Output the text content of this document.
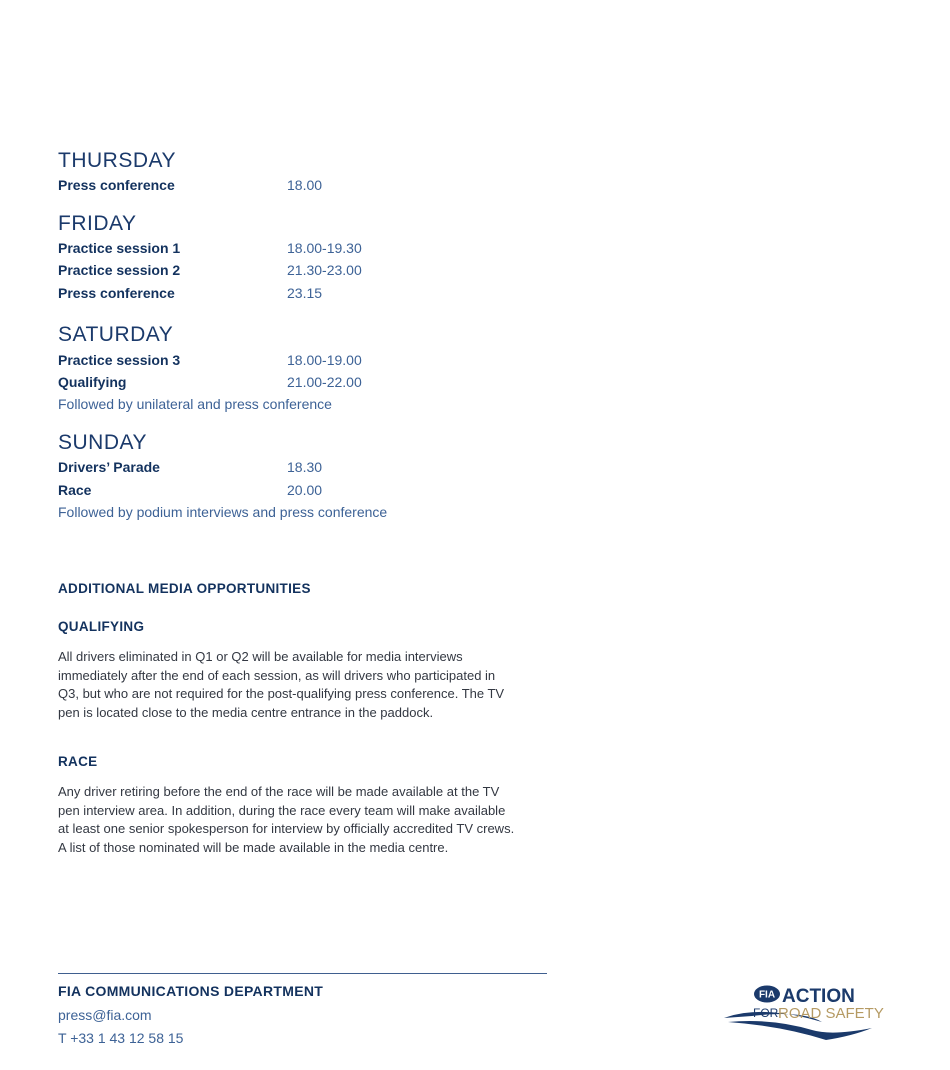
THURSDAY
Press conference	18.00
FRIDAY
Practice session 1	18.00-19.30
Practice session 2	21.30-23.00
Press conference	23.15
SATURDAY
Practice session 3	18.00-19.00
Qualifying	21.00-22.00
Followed by unilateral and press conference
SUNDAY
Drivers’ Parade	18.30
Race	20.00
Followed by podium interviews and press conference
ADDITIONAL MEDIA OPPORTUNITIES
QUALIFYING
All drivers eliminated in Q1 or Q2 will be available for media interviews
immediately after the end of each session, as will drivers who participated in
Q3, but who are not required for the post-qualifying press conference. The TV
pen is located close to the media centre entrance in the paddock.
RACE
Any driver retiring before the end of the race will be made available at the TV
pen interview area. In addition, during the race every team will make available
at least one senior spokesperson for interview by officially accredited TV crews.
A list of those nominated will be made available in the media centre.
FIA COMMUNICATIONS DEPARTMENT
press@fia.com
T +33 1 43 12 58 15
FIA ACTION
FOR ROAD SAFETY
